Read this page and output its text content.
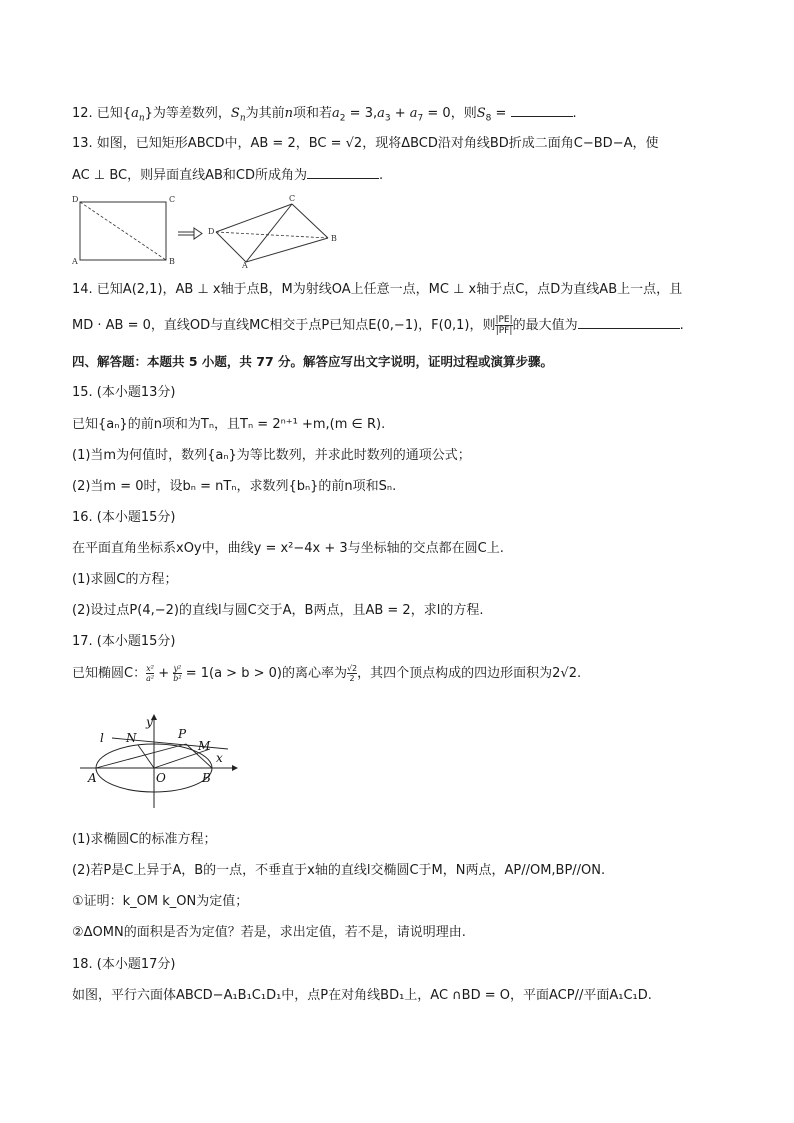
12. 已知$\{a_n\}$为等差数列，$S_n$为其前n项和若$a_2 = 3,a_3 + a_7 = 0$，则$S_8$ =	.
13. 如图，已知矩形ABCD中，AB = 2，BC = √2，现将ΔBCD沿对角线BD折成二面角C−BD−A，使
AC ⊥ BC，则异面直线AB和CD所成角为	.
D	C
A	B
C
D
B
A
14. 已知A(2,1)，AB ⊥ x轴于点B，M为射线OA上任意一点，MC ⊥ x轴于点C，点D为直线AB上一点，且
MD · AB = 0，直线OD与直线MC相交于点P已知点E(0,−1)，F(0,1)，则 $\frac{|PE|}{|PF|}$ 的最大值为	.
四、解答题：本题共 5 小题，共 77 分。解答应写出文字说明，证明过程或演算步骤。
15. (本小题13分)
已知{aₙ}的前n项和为Tₙ，且Tₙ = 2ⁿ⁺¹ +m,(m ∈ R).
(1)当m为何值时，数列{aₙ}为等比数列，并求此时数列的通项公式；
(2)当m = 0时，设bₙ = nTₙ，求数列{bₙ}的前n项和Sₙ.
16. (本小题15分)
在平面直角坐标系xOy中，曲线y = x²−4x + 3与坐标轴的交点都在圆C上.
(1)求圆C的方程；
(2)设过点P(4,−2)的直线l与圆C交于A，B两点，且AB = 2，求l的方程.
17. (本小题15分)
已知椭圆C： $\frac{\text{x²}}{\text{a²}} + \frac{\text{y²}}{\text{b²}} = 1(a > b > 0)$的离心率为 $\frac{√2}{2}$ ，其四个顶点构成的四边形面积为2√2.
y
l N	P
M
x
A	O	B
(1)求椭圆C的标准方程；
(2)若P是C上异于A，B的一点，不垂直于x轴的直线l交椭圆C于M，N两点，AP//OM,BP//ON.
①证明：k_OM k_ON为定值；
②ΔOMN的面积是否为定值？若是，求出定值，若不是，请说明理由.
18. (本小题17分)
如图，平行六面体ABCD−A₁B₁C₁D₁中，点P在对角线BD₁上，AC ∩BD = O，平面ACP//平面A₁C₁D.
